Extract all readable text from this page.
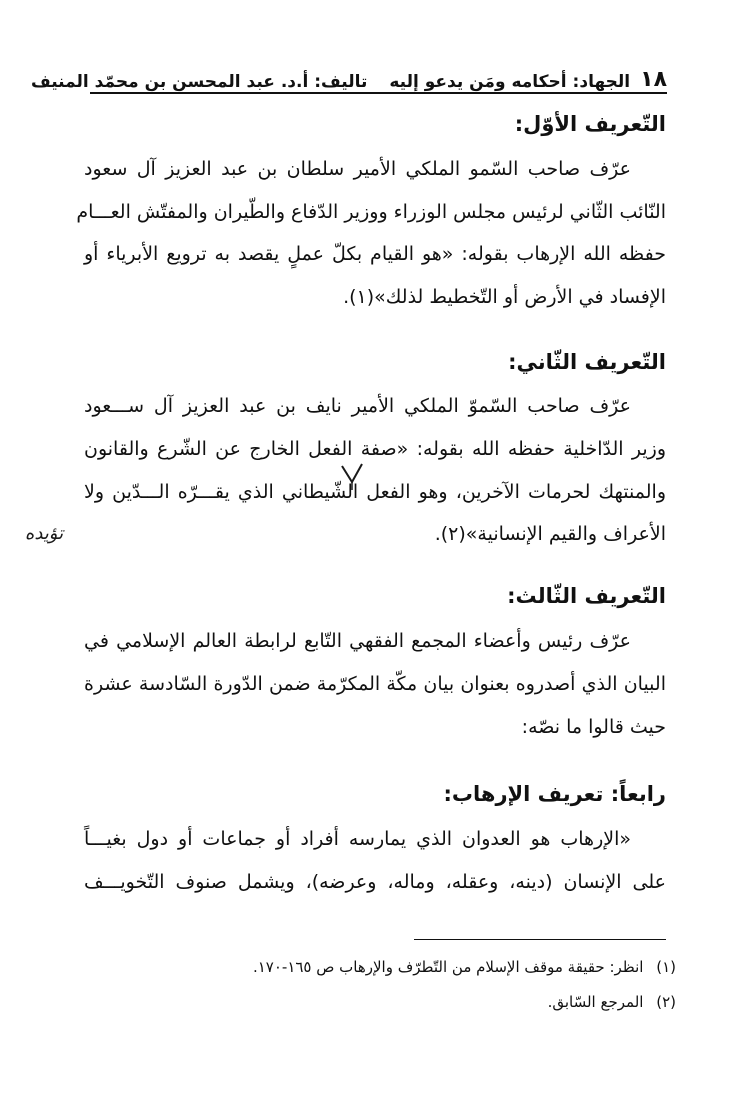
١٨
الجهاد: أحكامه ومَن يدعو إليه
تاليف: أ.د. عبد المحسن بن محمّد المنيف
التّعريف الأوّل:
عرّف صاحب السّمو الملكي الأمير سلطان بن عبد العزيز آل سعود
النّائب الثّاني لرئيس مجلس الوزراء ووزير الدّفاع والطّيران والمفتّش العـــام
حفظه الله الإرهاب بقوله: «هو القيام بكلّ عملٍ يقصد به ترويع الأبرياء أو
الإفساد في الأرض أو التّخطيط لذلك»(١).
التّعريف الثّاني:
عرّف صاحب السّموّ الملكي الأمير نايف بن عبد العزيز آل ســـعود
وزير الدّاخلية حفظه الله بقوله: «صفة الفعل الخارج عن الشّرع والقانون
والمنتهك لحرمات الآخرين، وهو الفعل الشّيطاني الذي يقـــرّه الـــدّين ولا
الأعراف والقيم الإنسانية»(٢).
تؤيده
التّعريف الثّالث:
عرّف رئيس وأعضاء المجمع الفقهي التّابع لرابطة العالم الإسلامي في
البيان الذي أصدروه بعنوان بيان مكّة المكرّمة ضمن الدّورة السّادسة عشرة
حيث قالوا ما نصّه:
رابعاً: تعريف الإرهاب:
«الإرهاب هو العدوان الذي يمارسه أفراد أو جماعات أو دول بغيـــاً
على الإنسان (دينه، وعقله، وماله، وعرضه)، ويشمل صنوف التّخويـــف
(١) انظر: حقيقة موقف الإسلام من التّطرّف والإرهاب ص ١٦٥-١٧٠.
(٢) المرجع السّابق.
